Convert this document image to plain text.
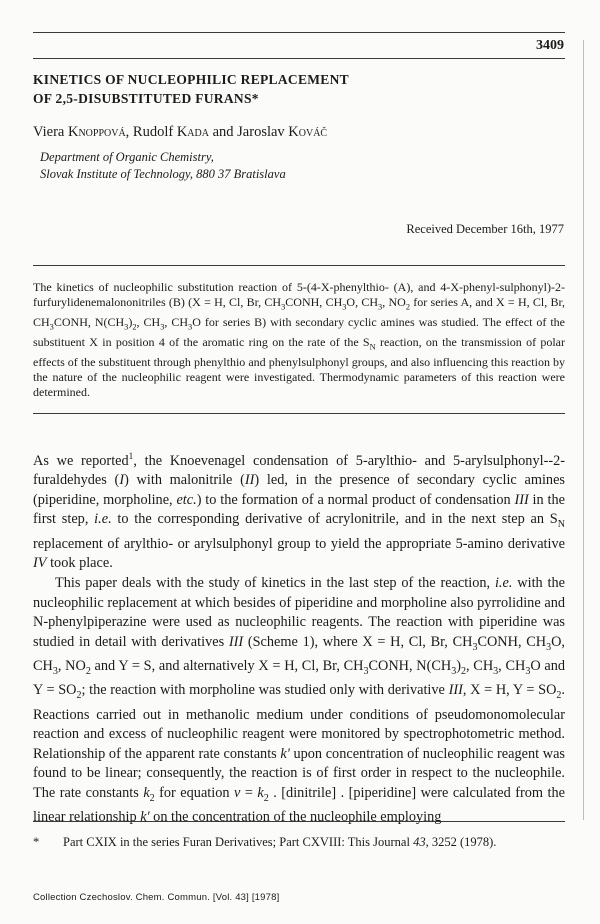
3409
KINETICS OF NUCLEOPHILIC REPLACEMENT
OF 2,5-DISUBSTITUTED FURANS*
Viera Knoppová, Rudolf Kada and Jaroslav Kováč
Department of Organic Chemistry,
Slovak Institute of Technology, 880 37 Bratislava
Received December 16th, 1977

The kinetics of nucleophilic substitution reaction of 5-(4-X-phenylthio- (A), and 4-X-phenyl-sulphonyl)-2-furfurylidenemalononitriles (B) (X = H, Cl, Br, $CH_3CONH$, $CH_3O$, $CH_3$, $NO_2$ for series A, and X = H, Cl, Br, $CH_3CONH$, $N(CH_3)_2$, $CH_3$, $CH_3O$ for series B) with secondary cyclic amines was studied. The effect of the substituent X in position 4 of the aromatic ring on the rate of the $S_N$ reaction, on the transmission of polar effects of the substituent through phenylthio and phenylsulphonyl groups, and also influencing this reaction by the nature of the nucleophilic reagent were investigated. Thermodynamic parameters of this reaction were determined.

As we reported$^1$, the Knoevenagel condensation of 5-arylthio- and 5-arylsulphonyl--2-furaldehydes (I) with malonitrile (II) led, in the presence of secondary cyclic amines (piperidine, morpholine, etc.) to the formation of a normal product of condensation III in the first step, i.e. to the corresponding derivative of acrylonitrile, and in the next step an $S_N$ replacement of arylthio- or arylsulphonyl group to yield the appropriate 5-amino derivative IV took place.

This paper deals with the study of kinetics in the last step of the reaction, i.e. with the nucleophilic replacement at which besides of piperidine and morpholine also pyrrolidine and N-phenylpiperazine were used as nucleophilic reagents. The reaction with piperidine was studied in detail with derivatives III (Scheme 1), where X = H, Cl, Br, $CH_3CONH$, $CH_3O$, $CH_3$, $NO_2$ and Y = S, and alternatively X = H, Cl, Br, $CH_3CONH$, $N(CH_3)_2$, $CH_3$, $CH_3O$ and $Y = SO_2$; the reaction with morpholine was studied only with derivative III, X = H, $Y = SO_2$. Reactions carried out in methanolic medium under conditions of pseudomonomolecular reaction and excess of nucleophilic reagent were monitored by spectrophotometric method. Relationship of the apparent rate constants k' upon concentration of nucleophilic reagent was found to be linear; consequently, the reaction is of first order in respect to the nucleophile. The rate constants $k_2$ for equation $v = k_2$ . [dinitrile] . [piperidine] were calculated from the linear relationship k' on the concentration of the nucleophile employing

* Part CXIX in the series Furan Derivatives; Part CXVIII: This Journal 43, 3252 (1978).
Collection Czechoslov. Chem. Commun. [Vol. 43] [1978]
